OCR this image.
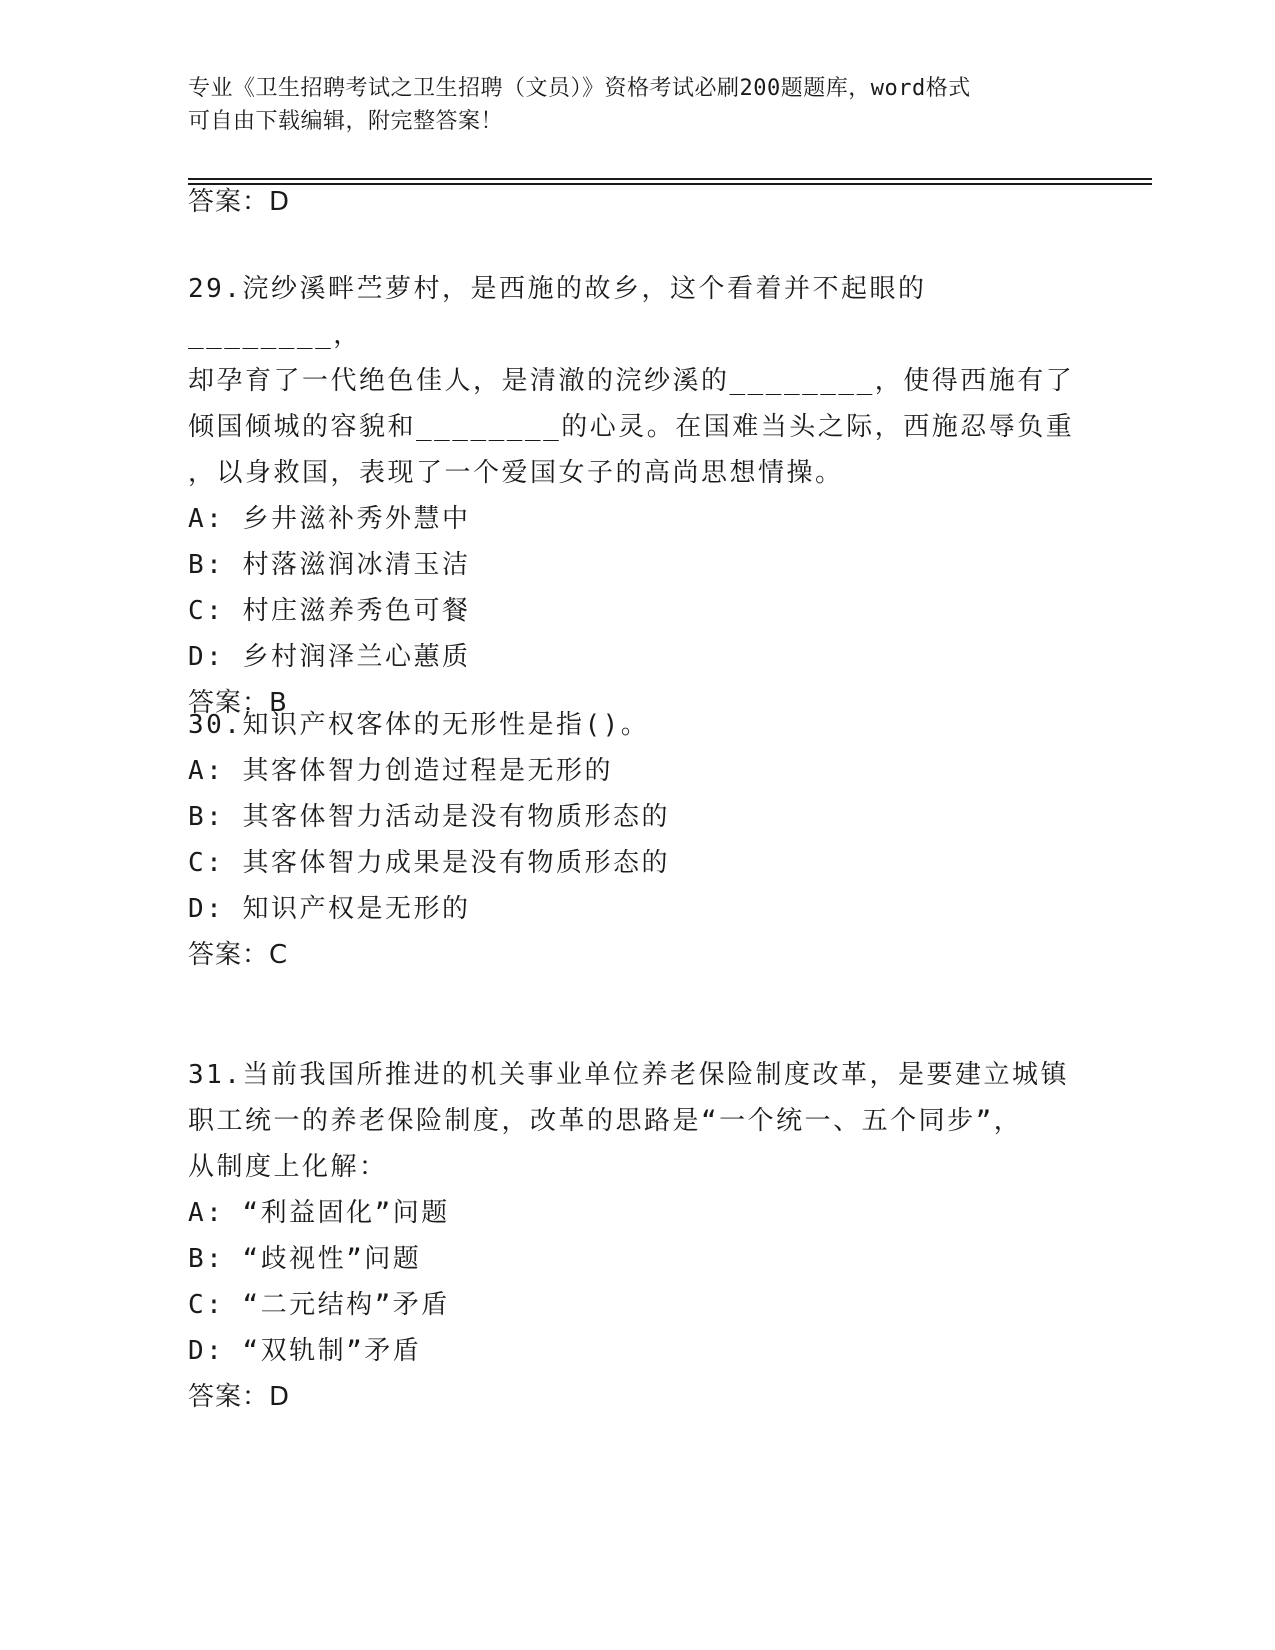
专业《卫生招聘考试之卫生招聘（文员）》资格考试必刷200题题库，word格式
可自由下载编辑，附完整答案！
答案：D

29.浣纱溪畔苎萝村，是西施的故乡，这个看着并不起眼的________，

却孕育了一代绝色佳人，是清澈的浣纱溪的________，使得西施有了

倾国倾城的容貌和________的心灵。在国难当头之际，西施忍辱负重

，以身救国，表现了一个爱国女子的高尚思想情操。

A: 乡井滋补秀外慧中

B: 村落滋润冰清玉洁

C: 村庄滋养秀色可餐

D: 乡村润泽兰心蕙质

答案：B

30.知识产权客体的无形性是指()。

A: 其客体智力创造过程是无形的

B: 其客体智力活动是没有物质形态的

C: 其客体智力成果是没有物质形态的

D: 知识产权是无形的

答案：C

31.当前我国所推进的机关事业单位养老保险制度改革，是要建立城镇

职工统一的养老保险制度，改革的思路是“一个统一、五个同步”，

从制度上化解：

A: “利益固化”问题

B: “歧视性”问题

C: “二元结构”矛盾

D: “双轨制”矛盾

答案：D
